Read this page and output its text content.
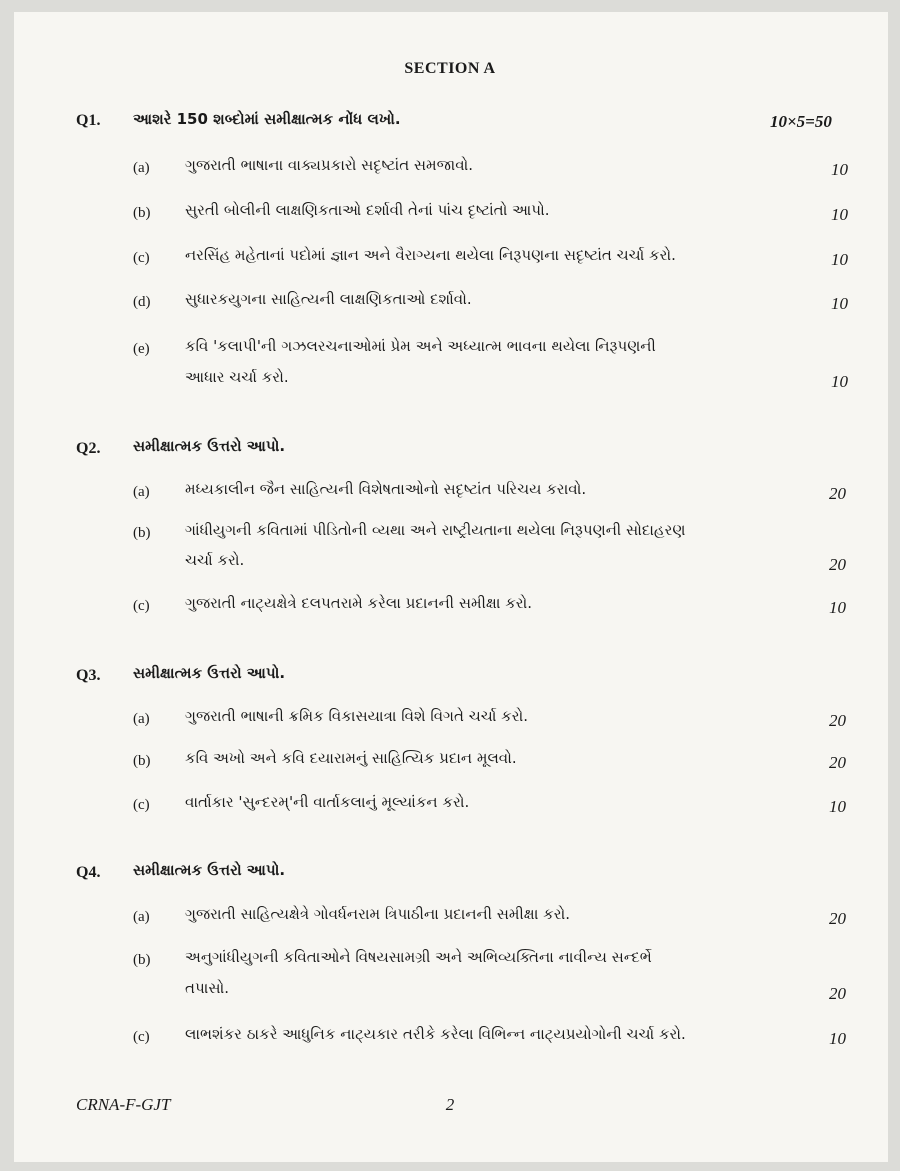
SECTION A
Q1. આશરે 150 શબ્દોમાં સમીક્ષાત્મક નોંધ લખો.	10×5=50
(a) ગુજરાતી ભાષાના વાક્યપ્રકારો સદૃષ્ટાંત સમજાવો.	10
(b) સુરતી બોલીની લાક્ષણિકતાઓ દર્શાવી તેનાં પાંચ દૃષ્ટાંતો આપો.	10
(c) નરસિંહ મહેતાનાં પદોમાં જ્ઞાન અને વૈરાગ્યના થયેલા નિરૂપણના સદૃષ્ટાંત ચર્ચા કરો.	10
(d) સુધારકયુગના સાહિત્યની લાક્ષણિકતાઓ દર્શાવો.	10
(e) કવિ 'કલાપી'ની ગઝલરચનાઓમાં પ્રેમ અને અધ્યાત્મ ભાવના થયેલા નિરૂપણની
આધાર ચર્ચા કરો.	10
Q2. સમીક્ષાત્મક ઉત્તરો આપો.
(a) મધ્યકાલીન જૈન સાહિત્યની વિશેષતાઓનો સદૃષ્ટાંત પરિચય કરાવો.	20
(b) ગાંધીયુગની કવિતામાં પીડિતોની વ્યથા અને રાષ્ટ્રીયતાના થયેલા નિરૂપણની સોદાહરણ
ચર્ચા કરો.	20
(c) ગુજરાતી નાટ્યક્ષેત્રે દલપતરામે કરેલા પ્રદાનની સમીક્ષા કરો.	10
Q3. સમીક્ષાત્મક ઉત્તરો આપો.
(a) ગુજરાતી ભાષાની ક્રમિક વિકાસયાત્રા વિશે વિગતે ચર્ચા કરો.	20
(b) કવિ અખો અને કવિ દયારામનું સાહિત્યિક પ્રદાન મૂલવો.	20
(c) વાર્તાકાર 'સુન્દરમ્'ની વાર્તાકલાનું મૂલ્યાંકન કરો.	10
Q4. સમીક્ષાત્મક ઉત્તરો આપો.
(a) ગુજરાતી સાહિત્યક્ષેત્રે ગોવર્ધનરામ ત્રિપાઠીના પ્રદાનની સમીક્ષા કરો.	20
(b) અનુગાંધીયુગની કવિતાઓને વિષયસામગ્રી અને અભિવ્યક્તિના નાવીન્ય સન્દર્ભે
તપાસો.	20
(c) લાભશંકર ઠાકરે આધુનિક નાટ્યકાર તરીકે કરેલા વિભિન્ન નાટ્યપ્રયોગોની ચર્ચા કરો.	10
CRNA-F-GJT	2
